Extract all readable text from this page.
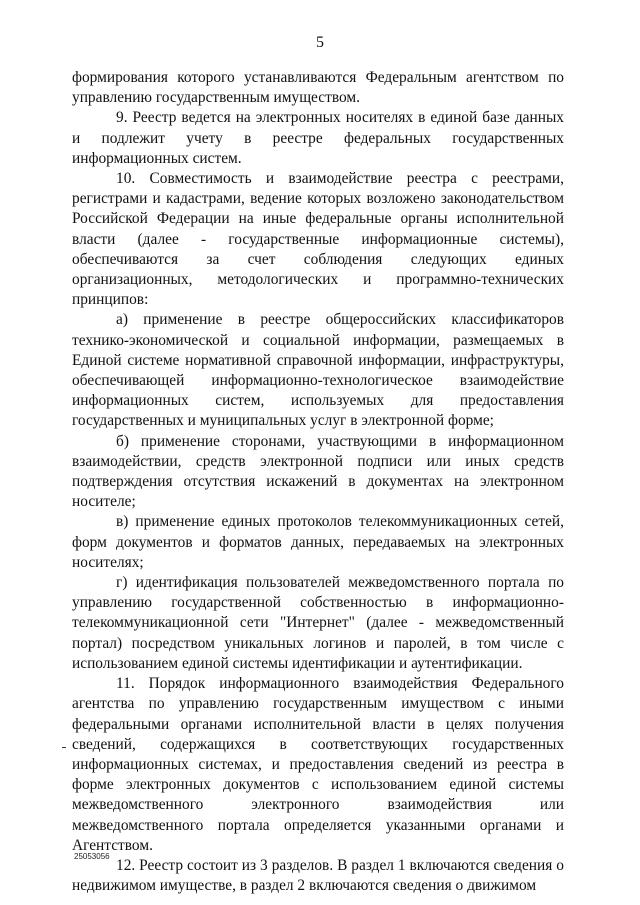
5

формирования которого устанавливаются Федеральным агентством по управлению государственным имуществом.

9. Реестр ведется на электронных носителях в единой базе данных и подлежит учету в реестре федеральных государственных информационных систем.

10. Совместимость и взаимодействие реестра с реестрами, регистрами и кадастрами, ведение которых возложено законодательством Российской Федерации на иные федеральные органы исполнительной власти (далее - государственные информационные системы), обеспечиваются за счет соблюдения следующих единых организационных, методологических и программно-технических принципов:

а) применение в реестре общероссийских классификаторов технико-экономической и социальной информации, размещаемых в Единой системе нормативной справочной информации, инфраструктуры, обеспечивающей информационно-технологическое взаимодействие информационных систем, используемых для предоставления государственных и муниципальных услуг в электронной форме;

б) применение сторонами, участвующими в информационном взаимодействии, средств электронной подписи или иных средств подтверждения отсутствия искажений в документах на электронном носителе;

в) применение единых протоколов телекоммуникационных сетей, форм документов и форматов данных, передаваемых на электронных носителях;

г) идентификация пользователей межведомственного портала по управлению государственной собственностью в информационно-телекоммуникационной сети "Интернет" (далее - межведомственный портал) посредством уникальных логинов и паролей, в том числе с использованием единой системы идентификации и аутентификации.

11. Порядок информационного взаимодействия Федерального агентства по управлению государственным имуществом с иными федеральными органами исполнительной власти в целях получения сведений, содержащихся в соответствующих государственных информационных системах, и предоставления сведений из реестра в форме электронных документов с использованием единой системы межведомственного электронного взаимодействия или межведомственного портала определяется указанными органами и Агентством.

12. Реестр состоит из 3 разделов. В раздел 1 включаются сведения о недвижимом имуществе, в раздел 2 включаются сведения о движимом

25053056
